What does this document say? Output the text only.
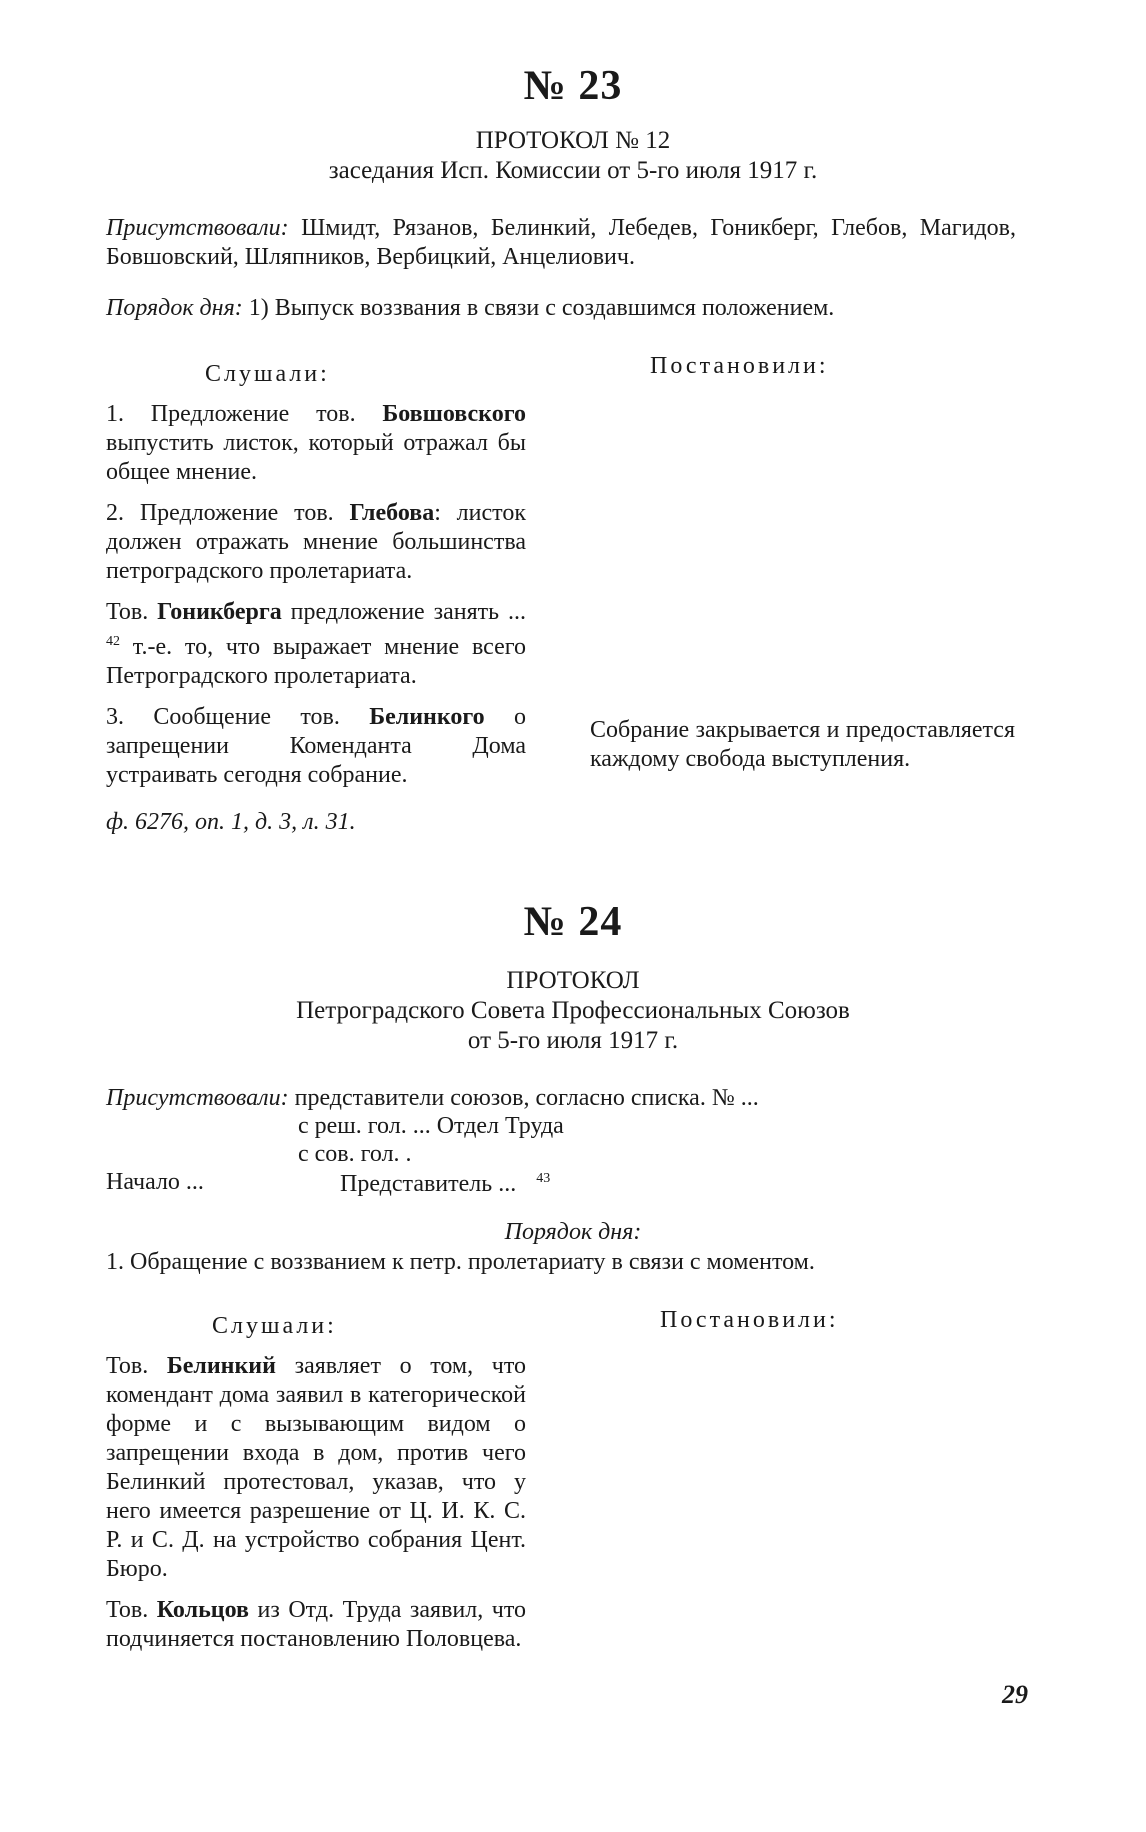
№ 23
ПРОТОКОЛ № 12
заседания Исп. Комиссии от 5-го июля 1917 г.

Присутствовали: Шмидт, Рязанов, Белинкий, Лебедев, Гоникберг, Глебов, Магидов, Бовшовский, Шляпников, Вербицкий, Анцелиович.

Порядок дня: 1) Выпуск воззвания в связи с создавшимся положением.
Слушали:	Постановили:

1. Предложение тов. Бовшовского выпустить листок, который отражал бы общее мнение.

2. Предложение тов. Глебова: листок должен отражать мнение большинства петроградского пролетариата.

Тов. Гоникберга предложение занять ... $^{42}$ т.-е. то, что выражает мнение всего Петроградского пролетариата.

3. Сообщение тов. Белинкого о запрещении Коменданта Дома устраивать сегодня собрание.

ф. 6276, оп. 1, д. 3, л. 31.

Собрание закрывается и предоставляется каждому свобода выступления.

№ 24
ПРОТОКОЛ
Петроградского Совета Профессиональных Союзов
от 5-го июля 1917 г.
Присутствовали: представители союзов, согласно списка. № ...
с реш. гол. ... Отдел Труда
с сов. гол. .
Начало ...	Представитель ... $^{43}$
Порядок дня:
1. Обращение с воззванием к петр. пролетариату в связи с моментом.
Слушали:	Постановили:

Тов. Белинкий заявляет о том, что комендант дома заявил в категорической форме и с вызывающим видом о запрещении входа в дом, против чего Белинкий протестовал, указав, что у него имеется разрешение от Ц. И. К. С. Р. и С. Д. на устройство собрания Цент. Бюро.

Тов. Кольцов из Отд. Труда заявил, что подчиняется постановлению Половцева.

29
